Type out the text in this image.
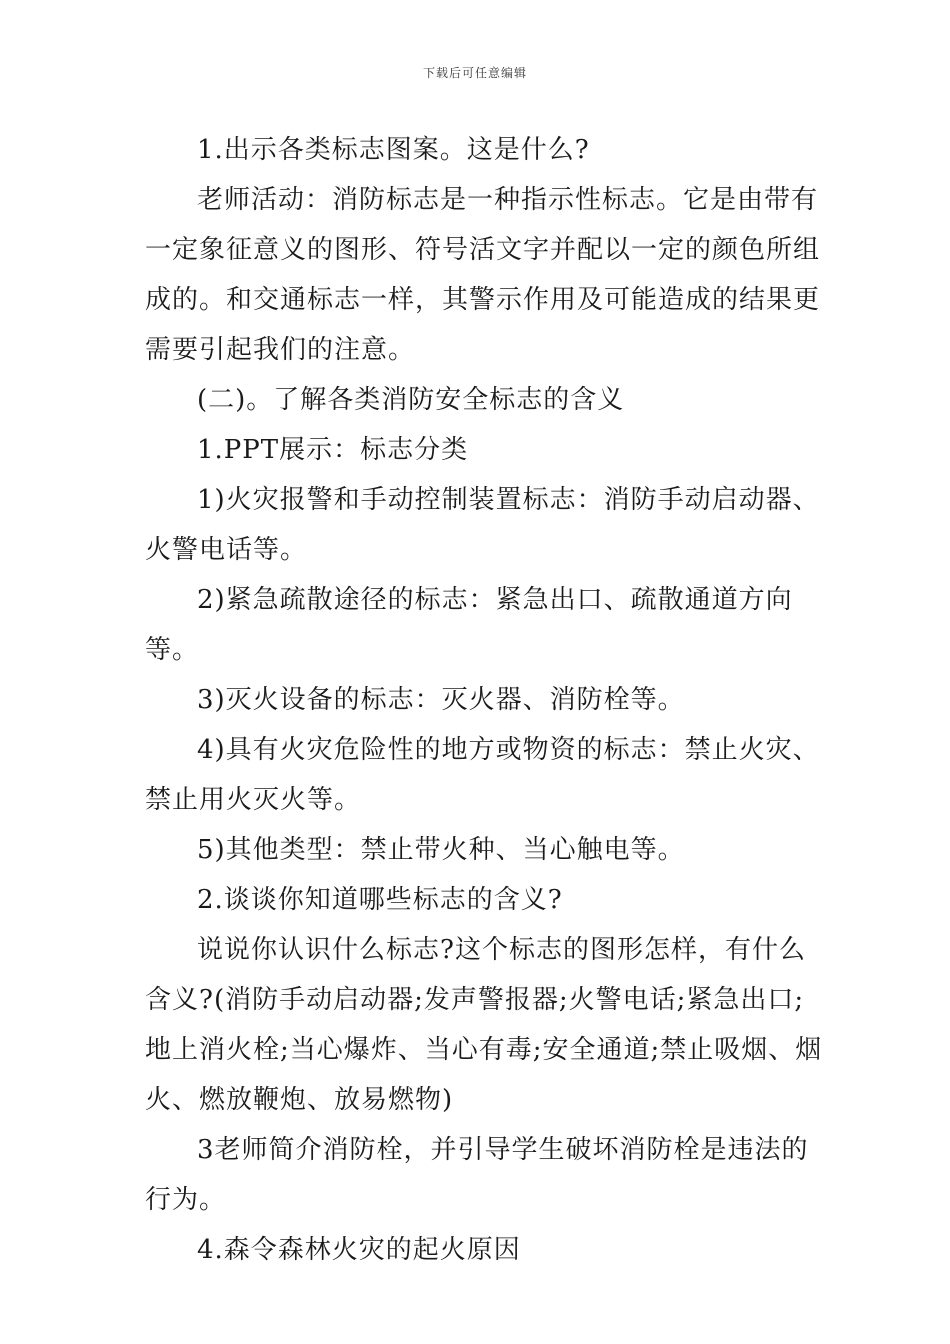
下载后可任意编辑

1.出示各类标志图案。这是什么?

老师活动：消防标志是一种指示性标志。它是由带有一定象征意义的图形、符号活文字并配以一定的颜色所组成的。和交通标志一样，其警示作用及可能造成的结果更需要引起我们的注意。

(二)。了解各类消防安全标志的含义

1.PPT展示：标志分类

1)火灾报警和手动控制装置标志：消防手动启动器、火警电话等。

2)紧急疏散途径的标志：紧急出口、疏散通道方向等。

3)灭火设备的标志：灭火器、消防栓等。

4)具有火灾危险性的地方或物资的标志：禁止火灾、禁止用火灭火等。

5)其他类型：禁止带火种、当心触电等。

2.谈谈你知道哪些标志的含义?

说说你认识什么标志?这个标志的图形怎样，有什么含义?(消防手动启动器;发声警报器;火警电话;紧急出口;地上消火栓;当心爆炸、当心有毒;安全通道;禁止吸烟、烟火、燃放鞭炮、放易燃物)

3老师简介消防栓，并引导学生破坏消防栓是违法的行为。

4.森令森林火灾的起火原因
